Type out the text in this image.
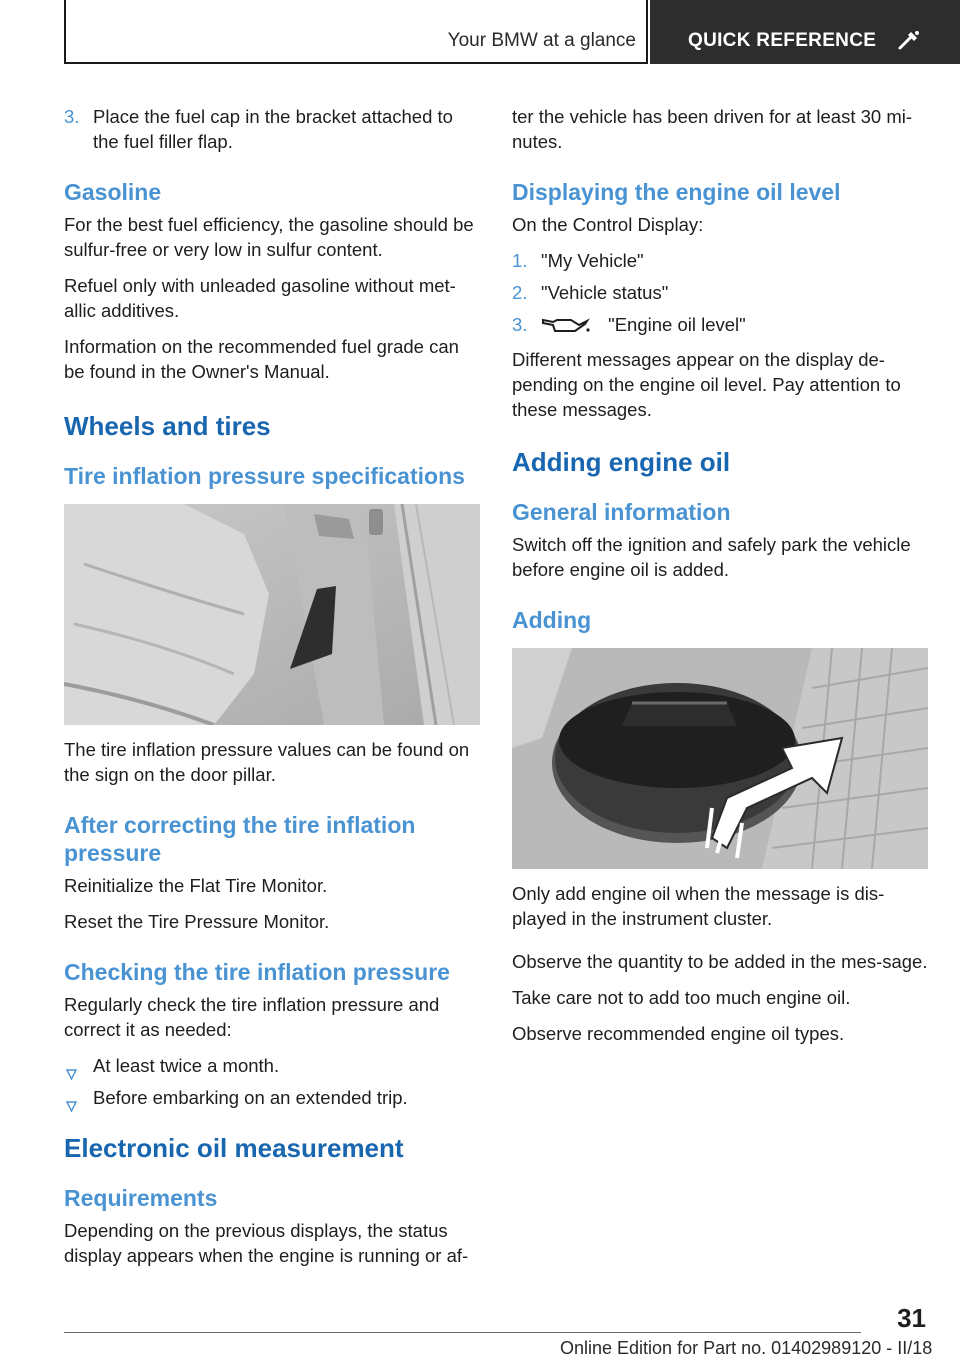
Your BMW at a glance	QUICK REFERENCE
3. Place the fuel cap in the bracket attached to the fuel filler flap.
Gasoline

For the best fuel efficiency, the gasoline should be sulfur-free or very low in sulfur content.

Refuel only with unleaded gasoline without met‐allic additives.

Information on the recommended fuel grade can be found in the Owner's Manual.

Wheels and tires
Tire inflation pressure specifications

The tire inflation pressure values can be found on the sign on the door pillar.

After correcting the tire inflation pressure

Reinitialize the Flat Tire Monitor.

Reset the Tire Pressure Monitor.

Checking the tire inflation pressure

Regularly check the tire inflation pressure and correct it as needed:

At least twice a month.
Before embarking on an extended trip.
Electronic oil measurement
Requirements

Depending on the previous displays, the status display appears when the engine is running or af‐

ter the vehicle has been driven for at least 30 mi‐nutes.

Displaying the engine oil level

On the Control Display:

1. "My Vehicle"
2. "Vehicle status"
3.	"Engine oil level"

Different messages appear on the display de‐pending on the engine oil level. Pay attention to these messages.

Adding engine oil
General information

Switch off the ignition and safely park the vehicle before engine oil is added.

Adding

Only add engine oil when the message is dis‐played in the instrument cluster.

Observe the quantity to be added in the mes‐sage.

Take care not to add too much engine oil.

Observe recommended engine oil types.

31
Online Edition for Part no. 01402989120 - II/18
